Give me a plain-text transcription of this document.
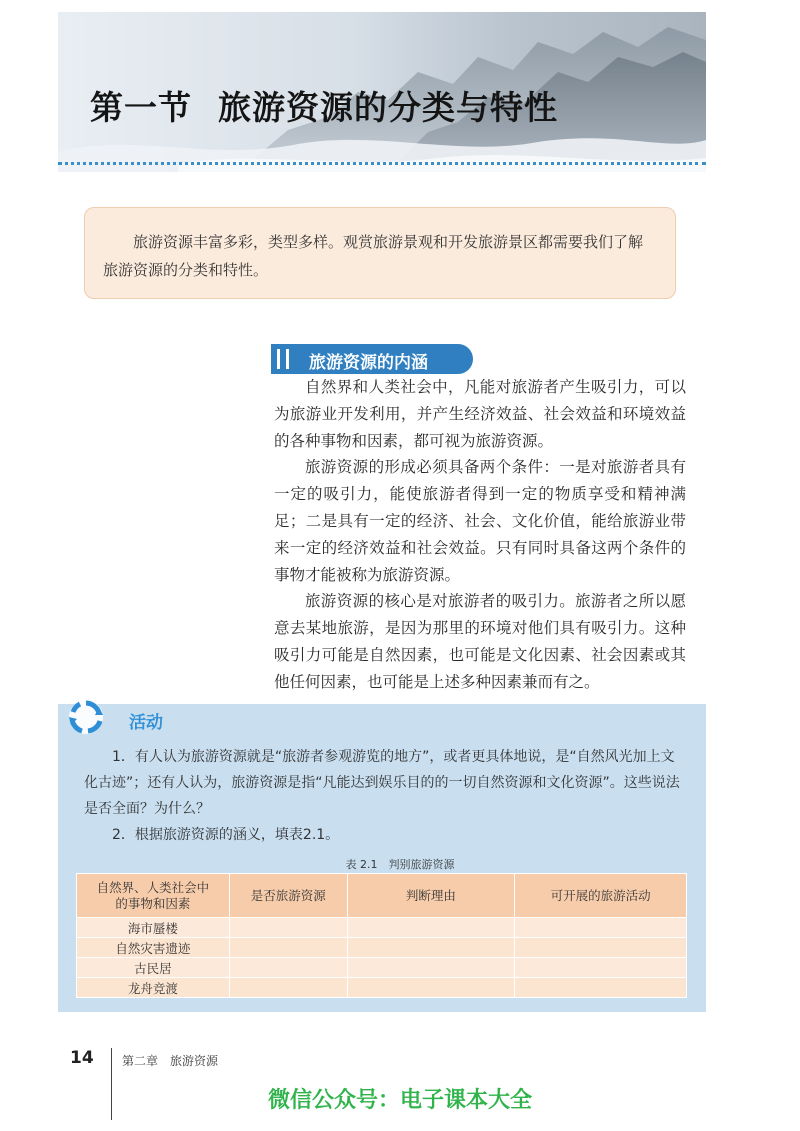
第一节 旅游资源的分类与特性

旅游资源丰富多彩，类型多样。观赏旅游景观和开发旅游景区都需要我们了解旅游资源的分类和特性。

旅游资源的内涵

自然界和人类社会中，凡能对旅游者产生吸引力，可以为旅游业开发利用，并产生经济效益、社会效益和环境效益的各种事物和因素，都可视为旅游资源。

旅游资源的形成必须具备两个条件：一是对旅游者具有一定的吸引力，能使旅游者得到一定的物质享受和精神满足；二是具有一定的经济、社会、文化价值，能给旅游业带来一定的经济效益和社会效益。只有同时具备这两个条件的事物才能被称为旅游资源。

旅游资源的核心是对旅游者的吸引力。旅游者之所以愿意去某地旅游，是因为那里的环境对他们具有吸引力。这种吸引力可能是自然因素，也可能是文化因素、社会因素或其他任何因素，也可能是上述多种因素兼而有之。

活动

1．有人认为旅游资源就是“旅游者参观游览的地方”，或者更具体地说，是“自然风光加上文化古迹”；还有人认为，旅游资源是指“凡能达到娱乐目的的一切自然资源和文化资源”。这些说法是否全面？为什么？

2．根据旅游资源的涵义，填表2.1。

表 2.1　判别旅游资源
自然界、人类社会中的事物和因素	是否旅游资源	判断理由	可开展的旅游活动
海市蜃楼			
自然灾害遗迹			
古民居			
龙舟竞渡			
14 第二章　旅游资源
微信公众号：电子课本大全
